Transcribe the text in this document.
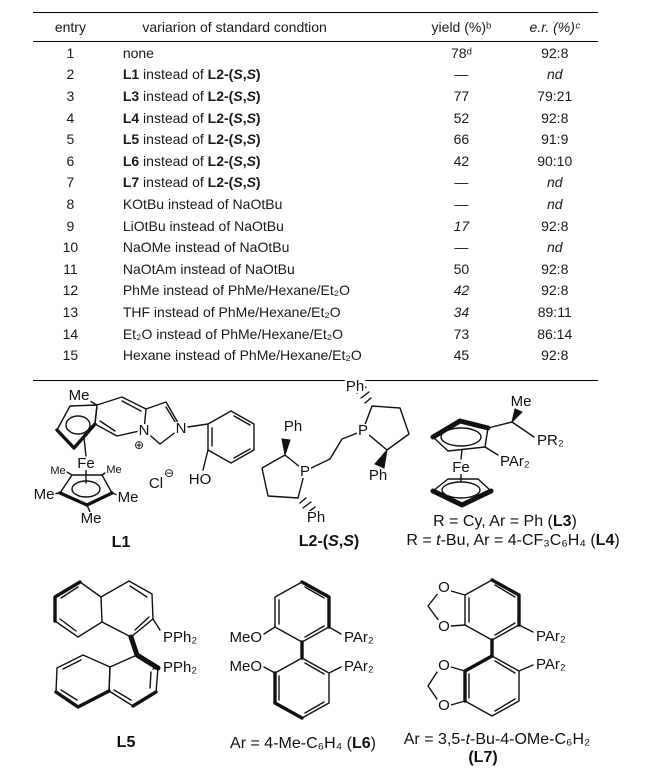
entry	variarion of standard condtion	yield (%)ᵇ	e.r. (%)ᶜ
1	none	78ᵈ	92:8
2	L1 instead of L2-(S,S)	—	nd
3	L3 instead of L2-(S,S)	77	79:21
4	L4 instead of L2-(S,S)	52	92:8
5	L5 instead of L2-(S,S)	66	91:9
6	L6 instead of L2-(S,S)	42	90:10
7	L7 instead of L2-(S,S)	—	nd
8	KOtBu instead of NaOtBu	—	nd
9	LiOtBu instead of NaOtBu	17	92:8
10	NaOMe instead of NaOtBu	—	nd
11	NaOtAm instead of NaOtBu	50	92:8
12	PhMe instead of PhMe/Hexane/Et₂O	42	92:8
13	THF instead of PhMe/Hexane/Et₂O	34	89:11
14	Et₂O instead of PhMe/Hexane/Et₂O	73	86:14
15	Hexane instead of PhMe/Hexane/Et₂O	45	92:8
Me
N
⊕
N
Fe
Me	Me
Me	Me
Me
Cl
⊖ HO
Ph
P
Ph
Ph
P
Ph
Me
PR₂
PAr₂
Fe
PPh₂
PPh₂
MeO	PAr₂
MeO	PAr₂
O
O
PAr₂
O
O
PAr₂
L1	L2-(S,S)
R = Cy, Ar = Ph (L3)
R = t-Bu, Ar = 4-CF₃C₆H₄ (L4)
L5	Ar = 4-Me-C₆H₄ (L6) Ar = 3,5-t-Bu-4-OMe-C₆H₂
(L7)
